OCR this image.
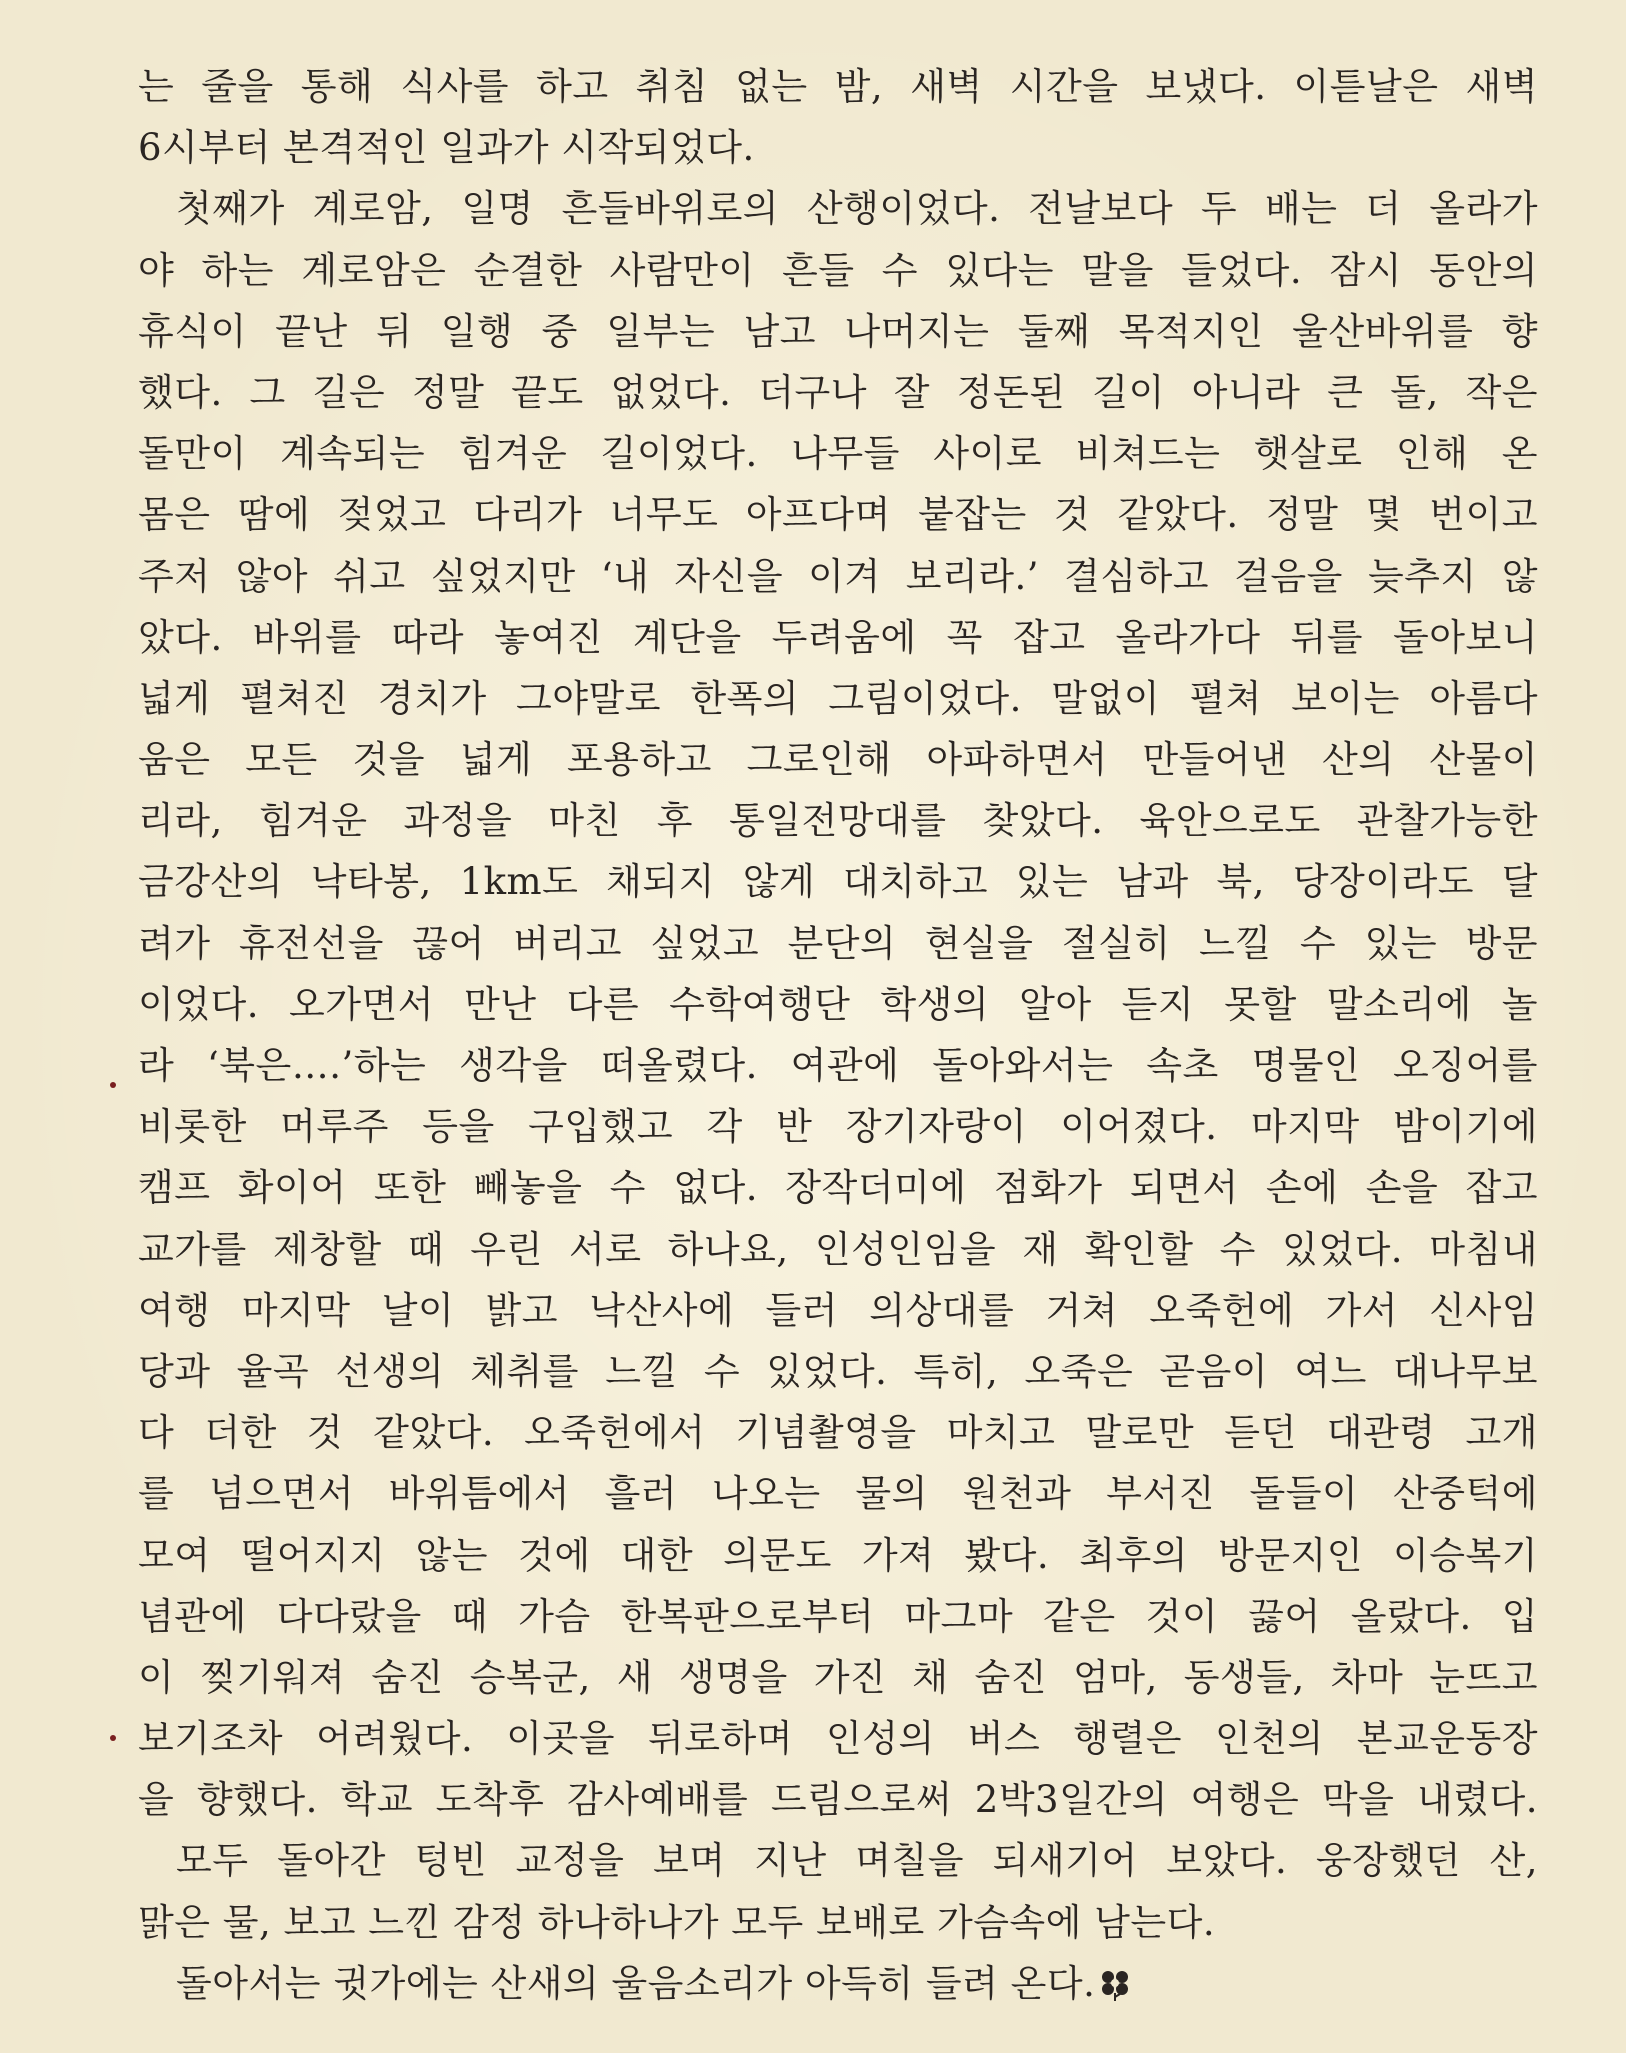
는 줄을 통해 식사를 하고 취침 없는 밤, 새벽 시간을 보냈다. 이튿날은 새벽
6시부터 본격적인 일과가 시작되었다.
첫째가 계로암, 일명 흔들바위로의 산행이었다. 전날보다 두 배는 더 올라가
야 하는 계로암은 순결한 사람만이 흔들 수 있다는 말을 들었다. 잠시 동안의
휴식이 끝난 뒤 일행 중 일부는 남고 나머지는 둘째 목적지인 울산바위를 향
했다. 그 길은 정말 끝도 없었다. 더구나 잘 정돈된 길이 아니라 큰 돌, 작은
돌만이 계속되는 힘겨운 길이었다. 나무들 사이로 비쳐드는 햇살로 인해 온
몸은 땀에 젖었고 다리가 너무도 아프다며 붙잡는 것 같았다. 정말 몇 번이고
주저 않아 쉬고 싶었지만 ‘내 자신을 이겨 보리라.’ 결심하고 걸음을 늦추지 않
았다. 바위를 따라 놓여진 계단을 두려움에 꼭 잡고 올라가다 뒤를 돌아보니
넓게 펼쳐진 경치가 그야말로 한폭의 그림이었다. 말없이 펼쳐 보이는 아름다
움은 모든 것을 넓게 포용하고 그로인해 아파하면서 만들어낸 산의 산물이
리라, 힘겨운 과정을 마친 후 통일전망대를 찾았다. 육안으로도 관찰가능한
금강산의 낙타봉, 1km도 채되지 않게 대치하고 있는 남과 북, 당장이라도 달
려가 휴전선을 끊어 버리고 싶었고 분단의 현실을 절실히 느낄 수 있는 방문
이었다. 오가면서 만난 다른 수학여행단 학생의 알아 듣지 못할 말소리에 놀
라 ‘북은….’하는 생각을 떠올렸다. 여관에 돌아와서는 속초 명물인 오징어를
비롯한 머루주 등을 구입했고 각 반 장기자랑이 이어졌다. 마지막 밤이기에
캠프 화이어 또한 빼놓을 수 없다. 장작더미에 점화가 되면서 손에 손을 잡고
교가를 제창할 때 우린 서로 하나요, 인성인임을 재 확인할 수 있었다. 마침내
여행 마지막 날이 밝고 낙산사에 들러 의상대를 거쳐 오죽헌에 가서 신사임
당과 율곡 선생의 체취를 느낄 수 있었다. 특히, 오죽은 곧음이 여느 대나무보
다 더한 것 같았다. 오죽헌에서 기념촬영을 마치고 말로만 듣던 대관령 고개
를 넘으면서 바위틈에서 흘러 나오는 물의 원천과 부서진 돌들이 산중턱에
모여 떨어지지 않는 것에 대한 의문도 가져 봤다. 최후의 방문지인 이승복기
념관에 다다랐을 때 가슴 한복판으로부터 마그마 같은 것이 끓어 올랐다. 입
이 찢기워져 숨진 승복군, 새 생명을 가진 채 숨진 엄마, 동생들, 차마 눈뜨고
보기조차 어려웠다. 이곳을 뒤로하며 인성의 버스 행렬은 인천의 본교운동장
을 향했다. 학교 도착후 감사예배를 드림으로써 2박3일간의 여행은 막을 내렸다.
모두 돌아간 텅빈 교정을 보며 지난 며칠을 되새기어 보았다. 웅장했던 산,
맑은 물, 보고 느낀 감정 하나하나가 모두 보배로 가슴속에 남는다.
돌아서는 귓가에는 산새의 울음소리가 아득히 들려 온다.
